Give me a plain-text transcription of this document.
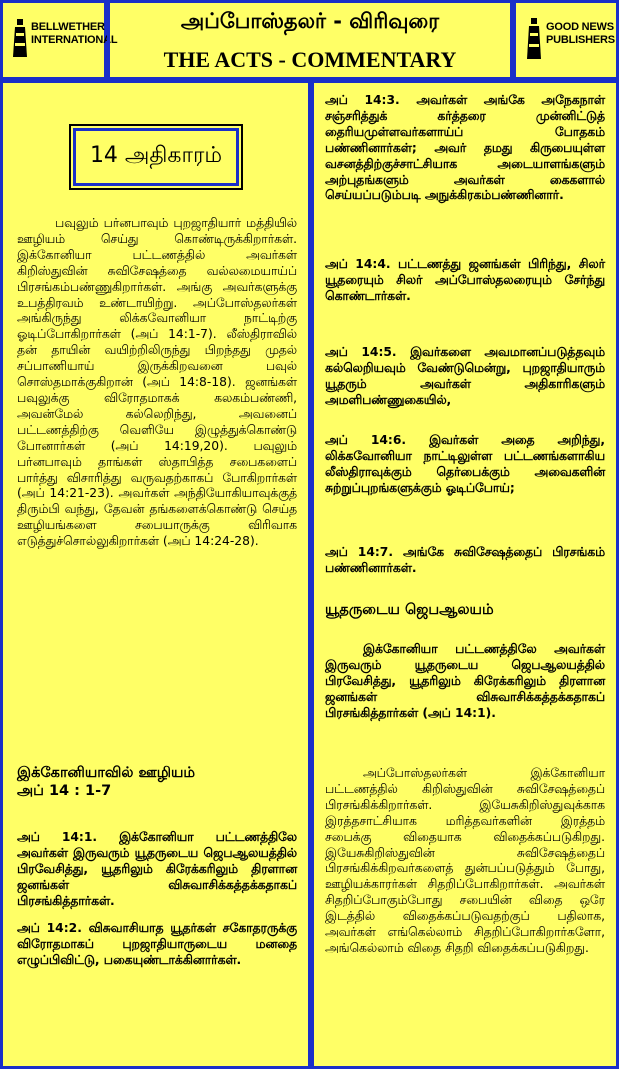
BELLWETHER
INTERNATIONAL
அப்போஸ்தலர் - விரிவுரை
THE ACTS - COMMENTARY
GOOD NEWS
PUBLISHERS
14 அதிகாரம்
பவுலும் பர்னபாவும் புறஜாதியார் மத்தியில் ஊழியம் செய்து கொண்டிருக்கிறார்கள். இக்கோனியா பட்டணத்தில் அவர்கள் கிறிஸ்துவின் சுவிசேஷத்தை வல்லமையாய்ப் பிரசங்கம்பண்ணுகிறார்கள். அங்கு அவர்களுக்கு உபத்திரவம் உண்டாயிற்று. அப்போஸ்தலர்கள் அங்கிருந்து லிக்கவோனியா நாட்டிற்கு ஓடிப்போகிறார்கள் (அப் 14:1-7). லீஸ்திராவில் தன் தாயின் வயிற்றிலிருந்து பிறந்தது முதல் சப்பாணியாய் இருக்கிறவனை பவுல் சொஸ்தமாக்குகிறான் (அப் 14:8-18). ஜனங்கள் பவுலுக்கு விரோதமாகக் கலகம்பண்ணி, அவன்மேல் கல்லெறிந்து, அவனைப் பட்டணத்திற்கு வெளியே இழுத்துக்கொண்டு போனார்கள் (அப் 14:19,20). பவுலும் பர்னபாவும் தாங்கள் ஸ்தாபித்த சபைகளைப் பார்த்து விசாரித்து வருவதற்காகப் போகிறார்கள் (அப் 14:21-23). அவர்கள் அந்தியோகியாவுக்குத் திரும்பி வந்து, தேவன் தங்களைக்கொண்டு செய்த ஊழியங்களை சபையாருக்கு விரிவாக எடுத்துச்சொல்லுகிறார்கள் (அப் 14:24-28).
இக்கோனியாவில் ஊழியம்
அப் 14 : 1-7
அப் 14:1. இக்கோனியா பட்டணத்திலே அவர்கள் இருவரும் யூதருடைய ஜெபஆலயத்தில் பிரவேசித்து, யூதரிலும் கிரேக்கரிலும் திரளான ஜனங்கள் விசுவாசிக்கத்தக்கதாகப் பிரசங்கித்தார்கள்.
அப் 14:2. விசுவாசியாத யூதர்கள் சகோதரருக்கு விரோதமாகப் புறஜாதியாருடைய மனதை எழுப்பிவிட்டு, பகையுண்டாக்கினார்கள்.
அப் 14:3. அவர்கள் அங்கே அநேகநாள் சஞ்சரித்துக் கர்த்தரை முன்னிட்டுத் தைரியமுள்ளவர்களாய்ப் போதகம் பண்ணினார்கள்; அவர் தமது கிருபையுள்ள வசனத்திற்குச்சாட்சியாக அடையாளங்களும் அற்புதங்களும் அவர்கள் கைகளால் செய்யப்படும்படி அநுக்கிரகம்பண்ணினார்.
அப் 14:4. பட்டணத்து ஜனங்கள் பிரிந்து, சிலர் யூதரையும் சிலர் அப்போஸ்தலரையும் சேர்ந்து கொண்டார்கள்.
அப் 14:5. இவர்களை அவமானப்படுத்தவும் கல்லெறியவும் வேண்டுமென்று, புறஜாதியாரும் யூதரும் அவர்கள் அதிகாரிகளும் அமளிபண்ணுகையில்,
அப் 14:6. இவர்கள் அதை அறிந்து, லிக்கவோனியா நாட்டிலுள்ள பட்டணங்களாகிய லீஸ்திராவுக்கும் தெர்பைக்கும் அவைகளின் சுற்றுப்புறங்களுக்கும் ஓடிப்போய்;
அப் 14:7. அங்கே சுவிசேஷத்தைப் பிரசங்கம் பண்ணினார்கள்.
யூதருடைய ஜெபஆலயம்
இக்கோனியா பட்டணத்திலே அவர்கள் இருவரும் யூதருடைய ஜெபஆலயத்தில் பிரவேசித்து, யூதரிலும் கிரேக்கரிலும் திரளான ஜனங்கள் விசுவாசிக்கத்தக்கதாகப் பிரசங்கித்தார்கள் (அப் 14:1).
அப்போஸ்தலர்கள் இக்கோனியா பட்டணத்தில் கிறிஸ்துவின் சுவிசேஷத்தைப் பிரசங்கிக்கிறார்கள். இயேசுகிறிஸ்துவுக்காக இரத்தசாட்சியாக மரித்தவர்களின் இரத்தம் சபைக்கு விதையாக விதைக்கப்படுகிறது. இயேசுகிறிஸ்துவின் சுவிசேஷத்தைப் பிரசங்கிக்கிறவர்களைத் துன்பப்படுத்தும் போது, ஊழியக்காரர்கள் சிதறிப்போகிறார்கள். அவர்கள் சிதறிப்போகும்போது சபையின் விதை ஒரே இடத்தில் விதைக்கப்படுவதற்குப் பதிலாக, அவர்கள் எங்கெல்லாம் சிதறிப்போகிறார்களோ, அங்கெல்லாம் விதை சிதறி விதைக்கப்படுகிறது.
